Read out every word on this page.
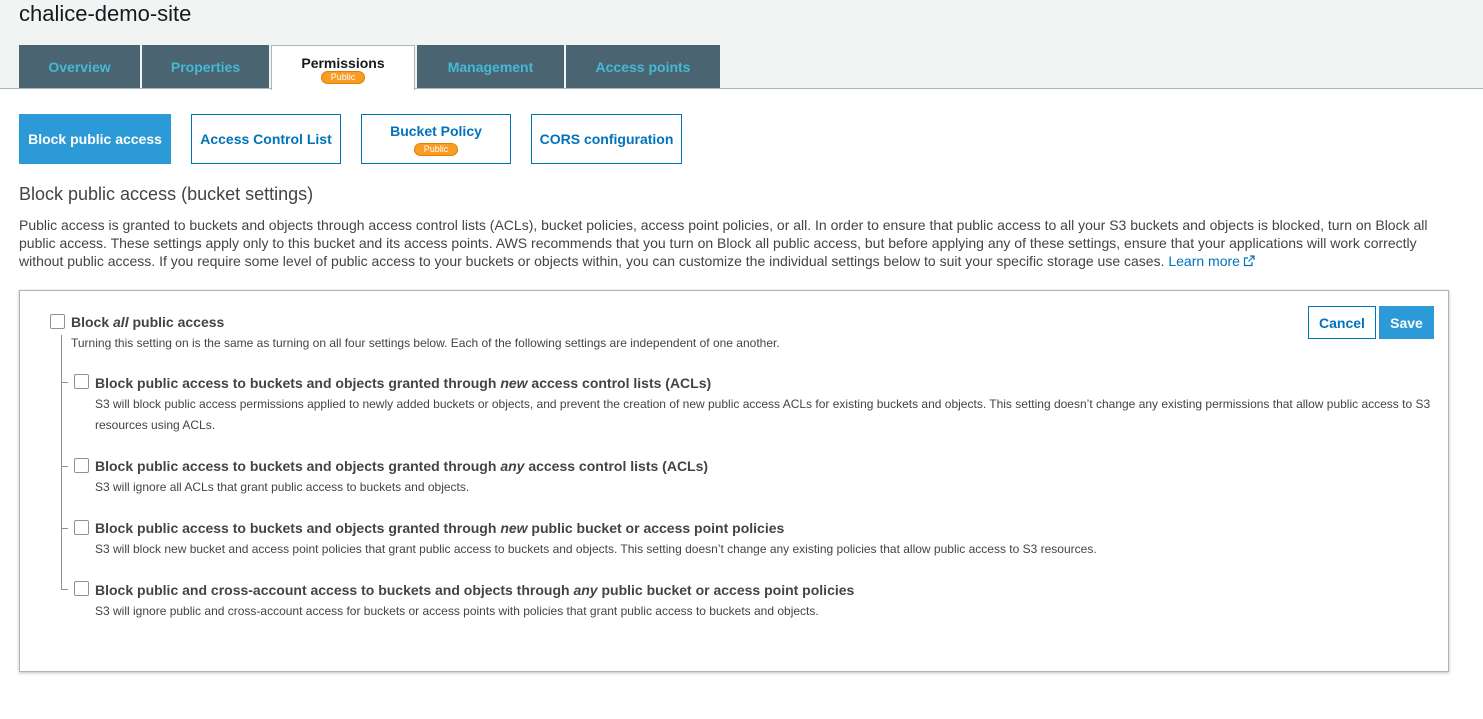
chalice-demo-site
Overview	Properties	Permissions
Public
Management	Access points
Block public access	Access Control List
Bucket Policy
Public
CORS configuration
Block public access (bucket settings)

Public access is granted to buckets and objects through access control lists (ACLs), bucket policies, access point policies, or all. In order to ensure that public access to all your S3 buckets and objects is blocked, turn on Block all public access. These settings apply only to this bucket and its access points. AWS recommends that you turn on Block all public access, but before applying any of these settings, ensure that your applications will work correctly without public access. If you require some level of public access to your buckets or objects within, you can customize the individual settings below to suit your specific storage use cases. Learn more

Cancel	Save
Block all public access
Turning this setting on is the same as turning on all four settings below. Each of the following settings are independent of one another.
Block public access to buckets and objects granted through new access control lists (ACLs)
S3 will block public access permissions applied to newly added buckets or objects, and prevent the creation of new public access ACLs for existing buckets and objects. This setting doesn’t change any existing permissions that allow public access to S3 resources using ACLs.
Block public access to buckets and objects granted through any access control lists (ACLs)
S3 will ignore all ACLs that grant public access to buckets and objects.
Block public access to buckets and objects granted through new public bucket or access point policies
S3 will block new bucket and access point policies that grant public access to buckets and objects. This setting doesn’t change any existing policies that allow public access to S3 resources.
Block public and cross-account access to buckets and objects through any public bucket or access point policies
S3 will ignore public and cross-account access for buckets or access points with policies that grant public access to buckets and objects.
